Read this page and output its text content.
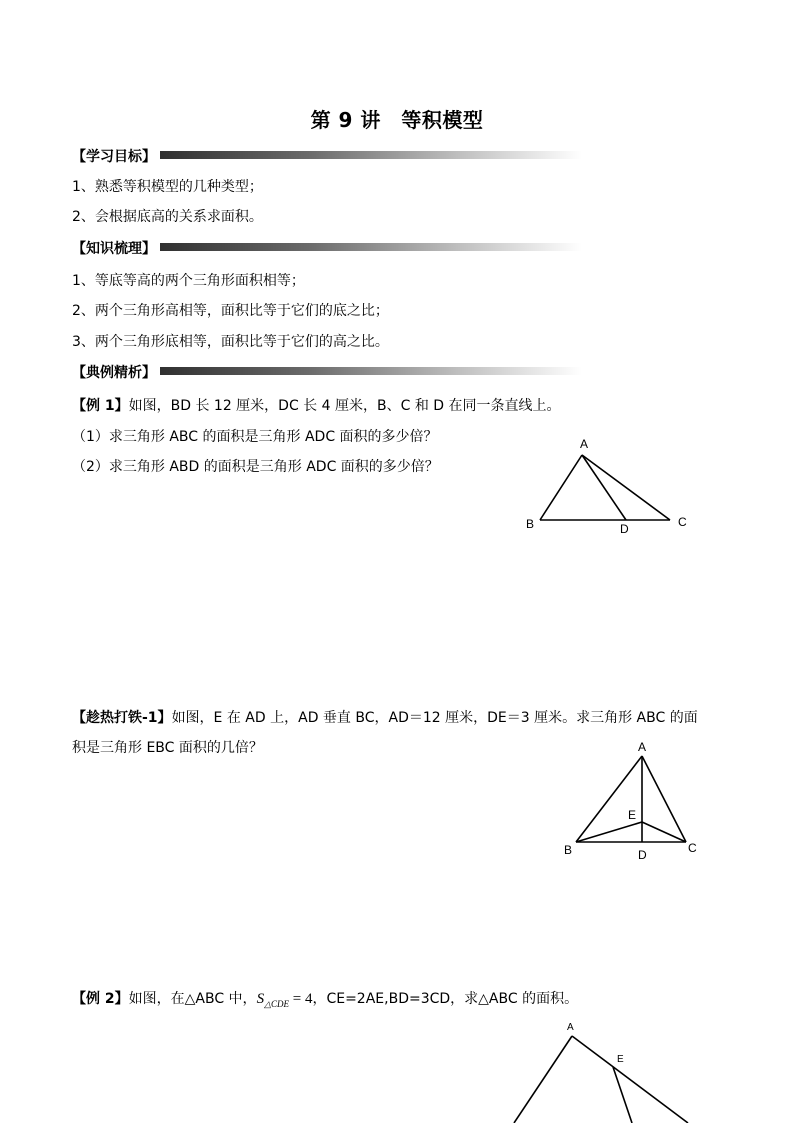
第 9 讲　等积模型
【学习目标】
1、熟悉等积模型的几种类型；
2、会根据底高的关系求面积。
【知识梳理】
1、等底等高的两个三角形面积相等；
2、两个三角形高相等，面积比等于它们的底之比；
3、两个三角形底相等，面积比等于它们的高之比。
【典例精析】
【例 1】如图，BD 长 12 厘米，DC 长 4 厘米，B、C 和 D 在同一条直线上。
（1）求三角形 ABC 的面积是三角形 ADC 面积的多少倍？
（2）求三角形 ABD 的面积是三角形 ADC 面积的多少倍？
A
B	D	C
【趁热打铁-1】如图，E 在 AD 上，AD 垂直 BC，AD＝12 厘米，DE＝3 厘米。求三角形 ABC 的面
积是三角形 EBC 面积的几倍？	A
E
B	D	C
【例 2】如图，在△ABC 中，$S_{\triangle CDE} = 4$，CE=2AE,BD=3CD，求△ABC 的面积。
A
E
